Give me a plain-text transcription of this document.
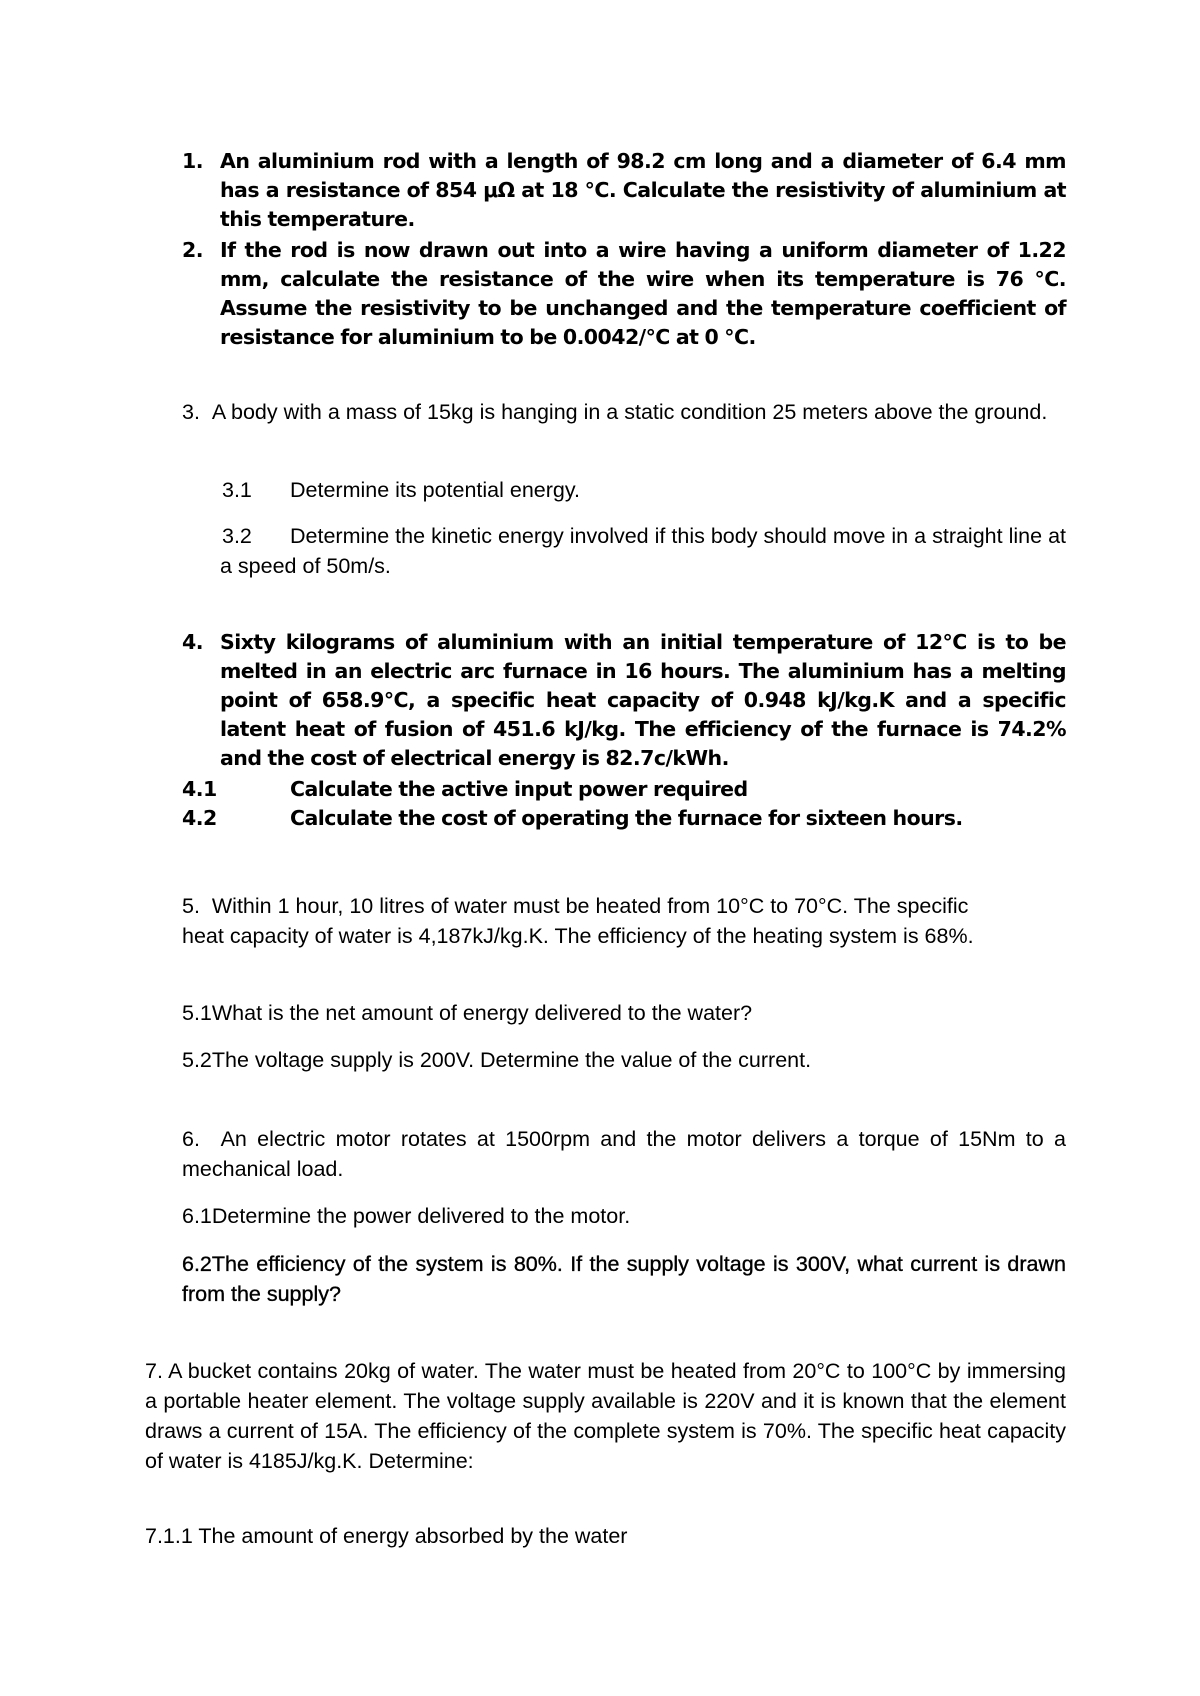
1. An aluminium rod with a length of 98.2 cm long and a diameter of 6.4 mm has a resistance of 854 μΩ at 18 °C. Calculate the resistivity of aluminium at this temperature.
2. If the rod is now drawn out into a wire having a uniform diameter of 1.22 mm, calculate the resistance of the wire when its temperature is 76 °C. Assume the resistivity to be unchanged and the temperature coefficient of resistance for aluminium to be 0.0042/°C at 0 °C.
3. A body with a mass of 15kg is hanging in a static condition 25 meters above the ground.
3.1 Determine its potential energy.
3.2 Determine the kinetic energy involved if this body should move in a straight line at a speed of 50m/s.
4. Sixty kilograms of aluminium with an initial temperature of 12°C is to be melted in an electric arc furnace in 16 hours. The aluminium has a melting point of 658.9°C, a specific heat capacity of 0.948 kJ/kg.K and a specific latent heat of fusion of 451.6 kJ/kg. The efficiency of the furnace is 74.2% and the cost of electrical energy is 82.7c/kWh.
4.1	Calculate the active input power required
4.2	Calculate the cost of operating the furnace for sixteen hours.
5. Within 1 hour, 10 litres of water must be heated from 10°C to 70°C. The specific heat capacity of water is 4,187kJ/kg.K. The efficiency of the heating system is 68%.
5.1What is the net amount of energy delivered to the water?
5.2The voltage supply is 200V. Determine the value of the current.
6. An electric motor rotates at 1500rpm and the motor delivers a torque of 15Nm to a mechanical load.
6.1Determine the power delivered to the motor.
6.2The efficiency of the system is 80%. If the supply voltage is 300V, what current is drawn from the supply?
7. A bucket contains 20kg of water. The water must be heated from 20°C to 100°C by immersing a portable heater element. The voltage supply available is 220V and it is known that the element draws a current of 15A. The efficiency of the complete system is 70%. The specific heat capacity of water is 4185J/kg.K. Determine:
7.1.1 The amount of energy absorbed by the water
